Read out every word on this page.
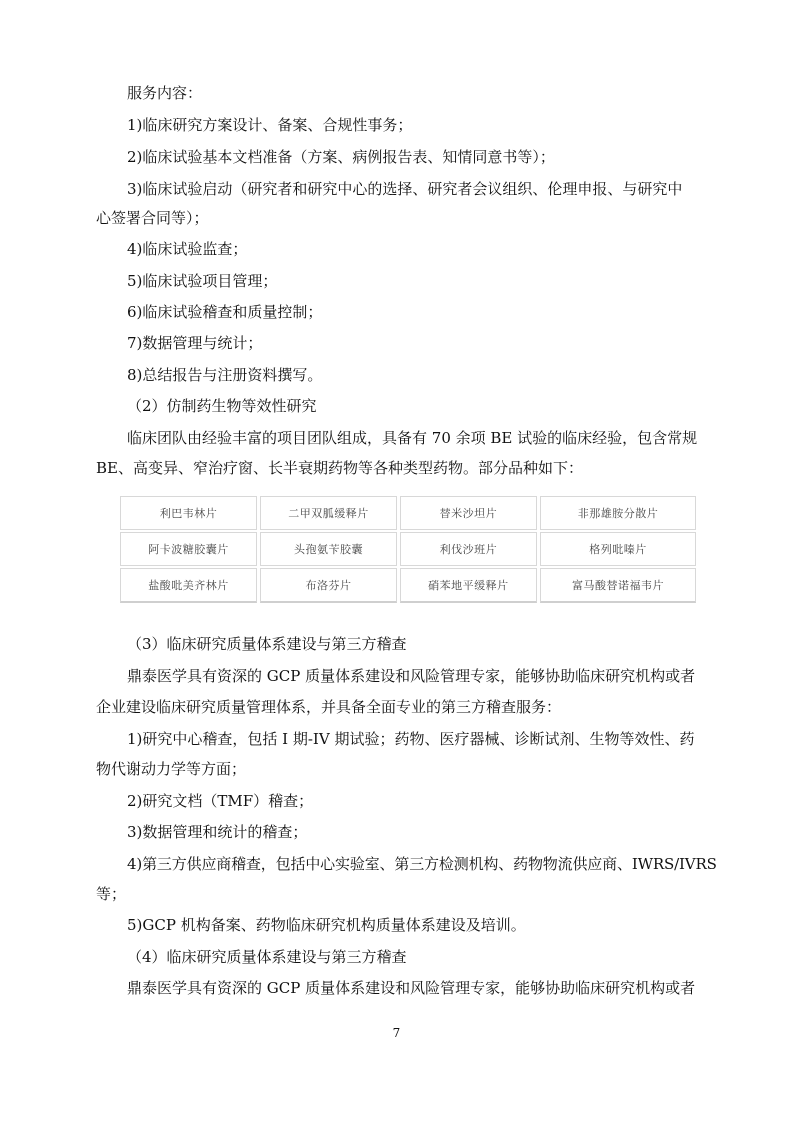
服务内容：
1)临床研究方案设计、备案、合规性事务；
2)临床试验基本文档准备（方案、病例报告表、知情同意书等）；
3)临床试验启动（研究者和研究中心的选择、研究者会议组织、伦理申报、与研究中
心签署合同等）；
4)临床试验监查；
5)临床试验项目管理；
6)临床试验稽查和质量控制；
7)数据管理与统计；
8)总结报告与注册资料撰写。
（2）仿制药生物等效性研究
临床团队由经验丰富的项目团队组成，具备有 70 余项 BE 试验的临床经验，包含常规
BE、高变异、窄治疗窗、长半衰期药物等各种类型药物。部分品种如下：
利巴韦林片	二甲双胍缓释片	替米沙坦片	非那雄胺分散片
阿卡波糖胶囊片	头孢氨苄胶囊	利伐沙班片	格列吡嗪片
盐酸吡美齐林片	布洛芬片	硝苯地平缓释片	富马酸替诺福韦片
（3）临床研究质量体系建设与第三方稽查
鼎泰医学具有资深的 GCP 质量体系建设和风险管理专家，能够协助临床研究机构或者
企业建设临床研究质量管理体系，并具备全面专业的第三方稽查服务：
1)研究中心稽查，包括 I 期-IV 期试验；药物、医疗器械、诊断试剂、生物等效性、药
物代谢动力学等方面；
2)研究文档（TMF）稽查；
3)数据管理和统计的稽查；
4)第三方供应商稽查，包括中心实验室、第三方检测机构、药物物流供应商、IWRS/IVRS
等；
5)GCP 机构备案、药物临床研究机构质量体系建设及培训。
（4）临床研究质量体系建设与第三方稽查
鼎泰医学具有资深的 GCP 质量体系建设和风险管理专家，能够协助临床研究机构或者
7
